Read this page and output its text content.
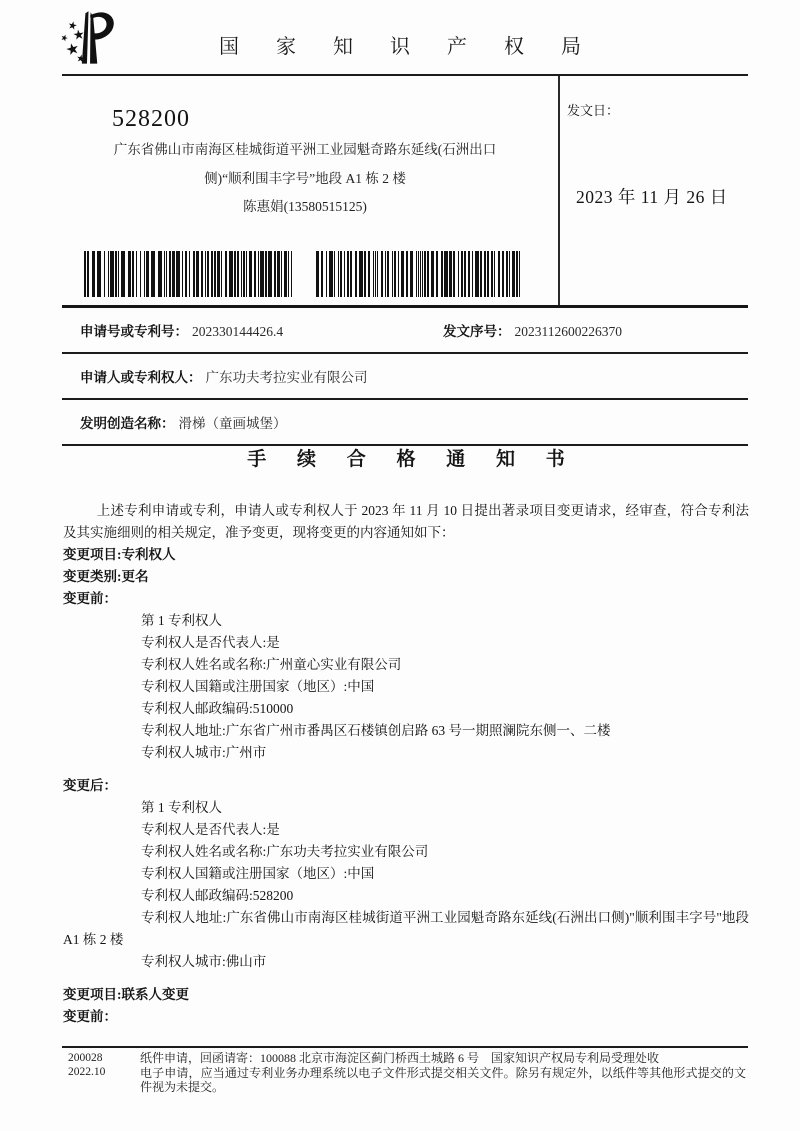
国 家 知 识 产 权 局
528200
广东省佛山市南海区桂城街道平洲工业园魁奇路东延线(石洲出口
侧)“顺利围丰字号”地段 A1 栋 2 楼
陈惠娟(13580515125)
发文日：
2023 年 11 月 26 日
申请号或专利号： 202330144426.4	发文序号： 2023112600226370
申请人或专利权人： 广东功夫考拉实业有限公司
发明创造名称： 滑梯（童画城堡）
手 续 合 格 通 知 书

上述专利申请或专利，申请人或专利权人于 2023 年 11 月 10 日提出著录项目变更请求，经审查，符合专利法及其实施细则的相关规定，准予变更，现将变更的内容通知如下：

变更项目:专利权人
变更类别:更名
变更前：
第 1 专利权人
专利权人是否代表人:是
专利权人姓名或名称:广州童心实业有限公司
专利权人国籍或注册国家（地区）:中国
专利权人邮政编码:510000
专利权人地址:广东省广州市番禺区石楼镇创启路 63 号一期照澜院东侧一、二楼
专利权人城市:广州市
变更后：
第 1 专利权人
专利权人是否代表人:是
专利权人姓名或名称:广东功夫考拉实业有限公司
专利权人国籍或注册国家（地区）:中国
专利权人邮政编码:528200
专利权人地址:广东省佛山市南海区桂城街道平洲工业园魁奇路东延线(石洲出口侧)"顺利围丰字号"地段 A1 栋 2 楼
专利权人城市:佛山市
变更项目:联系人变更
变更前：
200028
2022.10
纸件申请，回函请寄：100088 北京市海淀区蓟门桥西土城路 6 号　国家知识产权局专利局受理处收
电子申请，应当通过专利业务办理系统以电子文件形式提交相关文件。除另有规定外，以纸件等其他形式提交的文件视为未提交。
